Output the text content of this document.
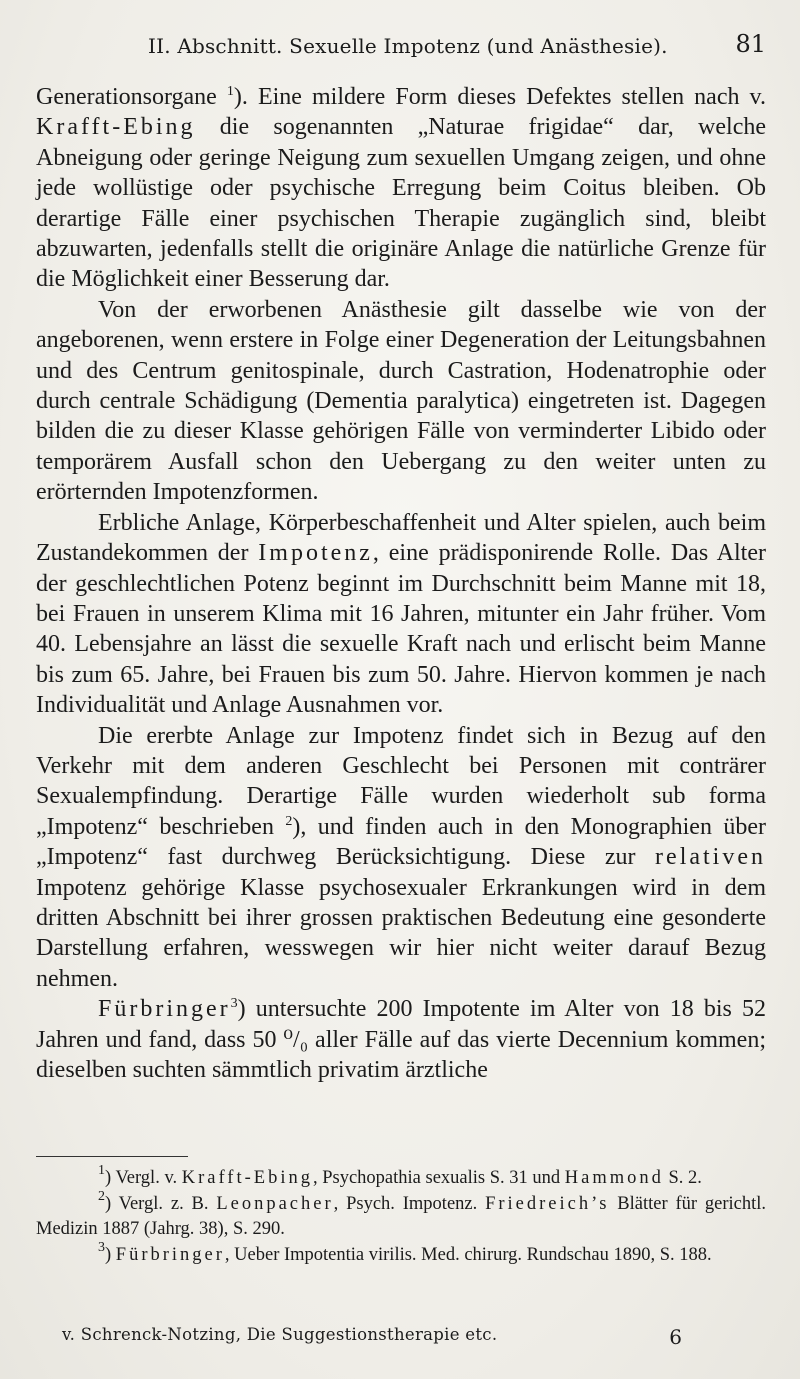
II. Abschnitt. Sexuelle Impotenz (und Anästhesie).	81

Generationsorgane $^1$). Eine mildere Form dieses Defektes stellen nach v. Krafft-Ebing die sogenannten „Naturae frigidae“ dar, welche Abneigung oder geringe Neigung zum sexuellen Umgang zeigen, und ohne jede wollüstige oder psychische Erregung beim Coitus bleiben. Ob derartige Fälle einer psychischen Therapie zugänglich sind, bleibt abzuwarten, jedenfalls stellt die originäre Anlage die natürliche Grenze für die Möglichkeit einer Besserung dar.

Von der erworbenen Anästhesie gilt dasselbe wie von der angeborenen, wenn erstere in Folge einer Degeneration der Leitungsbahnen und des Centrum genitospinale, durch Castration, Hodenatrophie oder durch centrale Schädigung (Dementia paralytica) eingetreten ist. Dagegen bilden die zu dieser Klasse gehörigen Fälle von verminderter Libido oder temporärem Ausfall schon den Uebergang zu den weiter unten zu erörternden Impotenzformen.

Erbliche Anlage, Körperbeschaffenheit und Alter spielen, auch beim Zustandekommen der Impotenz, eine prädisponirende Rolle. Das Alter der geschlechtlichen Potenz beginnt im Durchschnitt beim Manne mit 18, bei Frauen in unserem Klima mit 16 Jahren, mitunter ein Jahr früher. Vom 40. Lebensjahre an lässt die sexuelle Kraft nach und erlischt beim Manne bis zum 65. Jahre, bei Frauen bis zum 50. Jahre. Hiervon kommen je nach Individualität und Anlage Ausnahmen vor.

Die ererbte Anlage zur Impotenz findet sich in Bezug auf den Verkehr mit dem anderen Geschlecht bei Personen mit conträrer Sexualempfindung. Derartige Fälle wurden wiederholt sub forma „Impotenz“ beschrieben $^2$), und finden auch in den Monographien über „Impotenz“ fast durchweg Berücksichtigung. Diese zur relativen Impotenz gehörige Klasse psychosexualer Erkrankungen wird in dem dritten Abschnitt bei ihrer grossen praktischen Bedeutung eine gesonderte Darstellung erfahren, wesswegen wir hier nicht weiter darauf Bezug nehmen.

Fürbringer$^3$) untersuchte 200 Impotente im Alter von 18 bis 52 Jahren und fand, dass 50 ⁰/₀ aller Fälle auf das vierte Decennium kommen; dieselben suchten sämmtlich privatim ärztliche

$^1$) Vergl. v. Krafft-Ebing, Psychopathia sexualis S. 31 und Hammond S. 2.

$^2$) Vergl. z. B. Leonpacher, Psych. Impotenz. Friedreich’s Blätter für gerichtl. Medizin 1887 (Jahrg. 38), S. 290.

$^3$) Fürbringer, Ueber Impotentia virilis. Med. chirurg. Rundschau 1890, S. 188.

v. Schrenck-Notzing, Die Suggestionstherapie etc.	6
